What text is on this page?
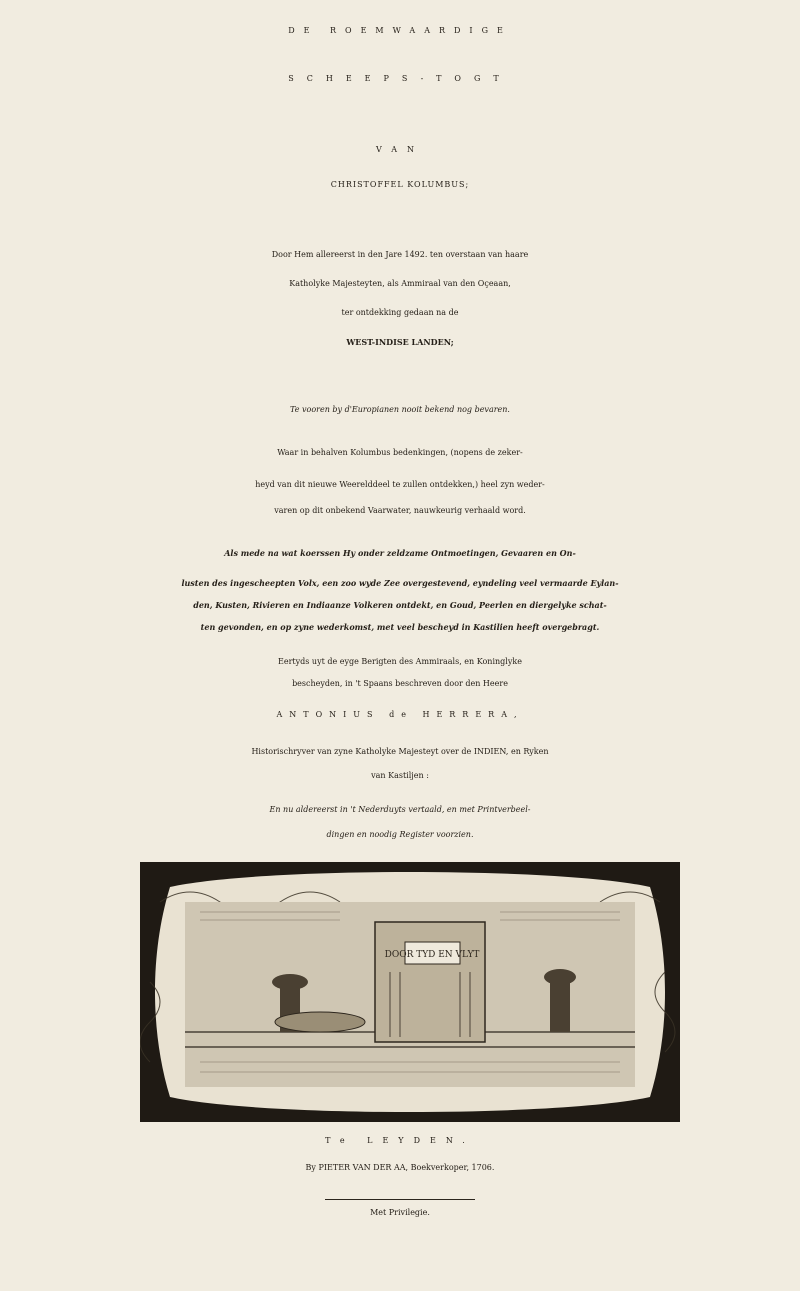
DE ROEMWAARDIGE
SCHEEPS-TOGT
VAN
CHRISTOFFEL KOLUMBUS;
Door Hem allereerst in den Jare 1492. ten overstaan van haare
Katholyke Majesteyten, als Ammiraal van den Oçeaan,
ter ontdekking gedaan na de
WEST-INDISE LANDEN;
Te vooren by d'Europianen nooit bekend nog bevaren.
Waar in behalven Kolumbus bedenkingen, (nopens de zeker-
heyd van dit nieuwe Weerelddeel te zullen ontdekken,) heel zyn weder-
varen op dit onbekend Vaarwater, nauwkeurig verhaald word.
Als mede na wat koerssen Hy onder zeldzame Ontmoetingen, Gevaaren en On-
lusten des ingescheepten Volx, een zoo wyde Zee overgestevend, eyndeling veel vermaarde Eylan-
den, Kusten, Rivieren en Indiaanze Volkeren ontdekt, en Goud, Peerlen en diergelyke schat-
ten gevonden, en op zyne wederkomst, met veel bescheyd in Kastilien heeft overgebragt.
Eertyds uyt de eyge Berigten des Ammiraals, en Koninglyke
bescheyden, in 't Spaans beschreven door den Heere
ANTONIUS de HERRERA,
Historischryver van zyne Katholyke Majesteyt over de INDIEN, en Ryken
van Kastiljen :
En nu aldereerst in 't Nederduyts vertaald, en met Printverbeel-
dingen en noodig Register voorzien.
DOOR TYD EN VLYT
Te LEYDEN.
By PIETER VAN DER AA, Boekverkoper, 1706.
Met Privilegie.
